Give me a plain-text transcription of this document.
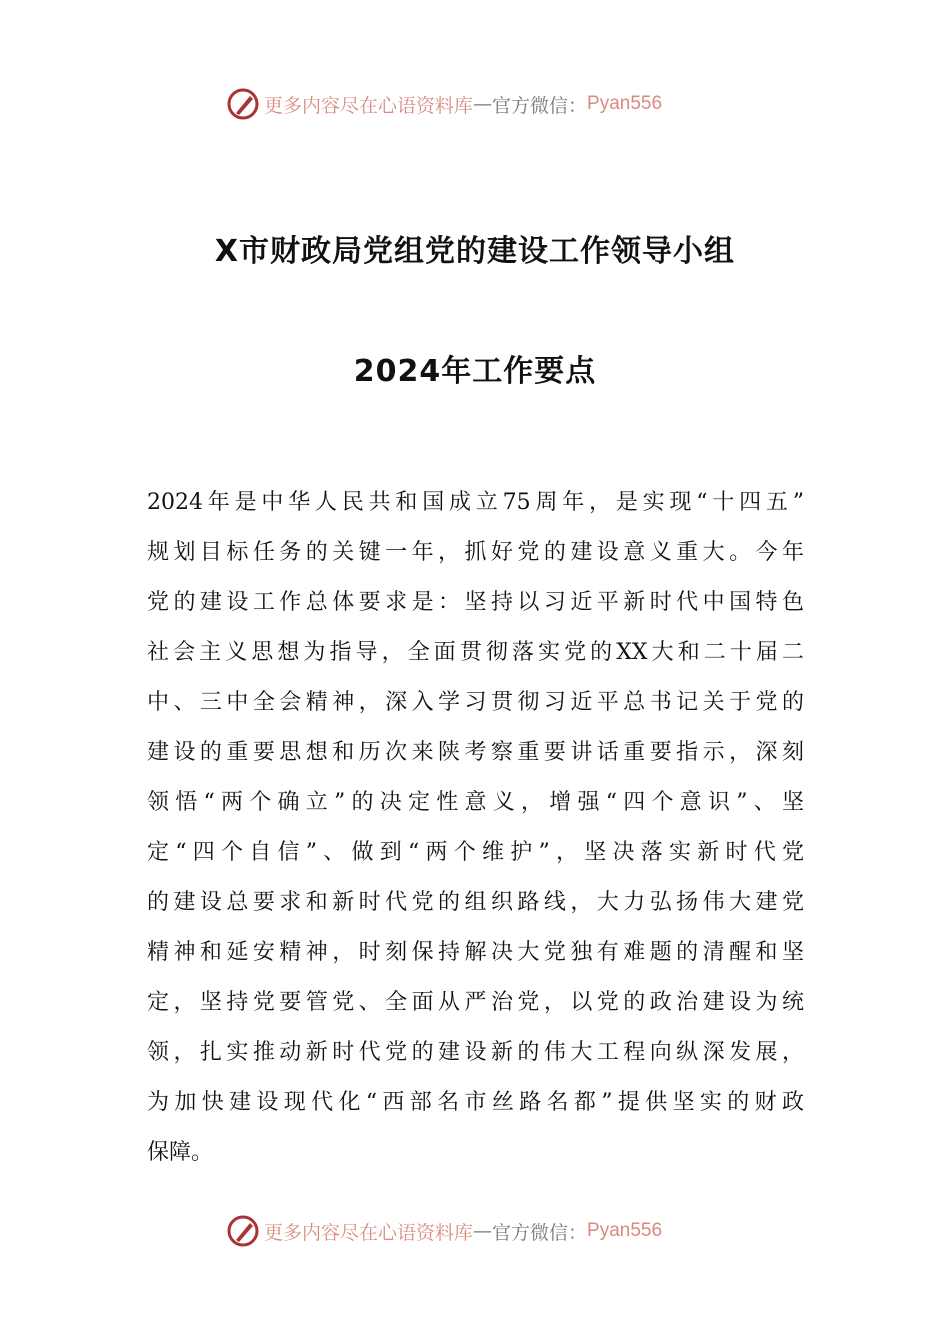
更多内容尽在心语资料库 — 官方微信： Pyan556
X市财政局党组党的建设工作领导小组
2024年工作要点
2024年是中华人民共和国成立75周年，是实现“十四五”
规划目标任务的关键一年，抓好党的建设意义重大。今年
党的建设工作总体要求是：坚持以习近平新时代中国特色
社会主义思想为指导，全面贯彻落实党的XX大和二十届二
中、三中全会精神，深入学习贯彻习近平总书记关于党的
建设的重要思想和历次来陕考察重要讲话重要指示，深刻
领悟“两个确立”的决定性意义，增强“四个意识”、坚
定“四个自信”、做到“两个维护”，坚决落实新时代党
的建设总要求和新时代党的组织路线，大力弘扬伟大建党
精神和延安精神，时刻保持解决大党独有难题的清醒和坚
定，坚持党要管党、全面从严治党，以党的政治建设为统
领，扎实推动新时代党的建设新的伟大工程向纵深发展，
为加快建设现代化“西部名市丝路名都”提供坚实的财政
保障。
更多内容尽在心语资料库 — 官方微信： Pyan556
